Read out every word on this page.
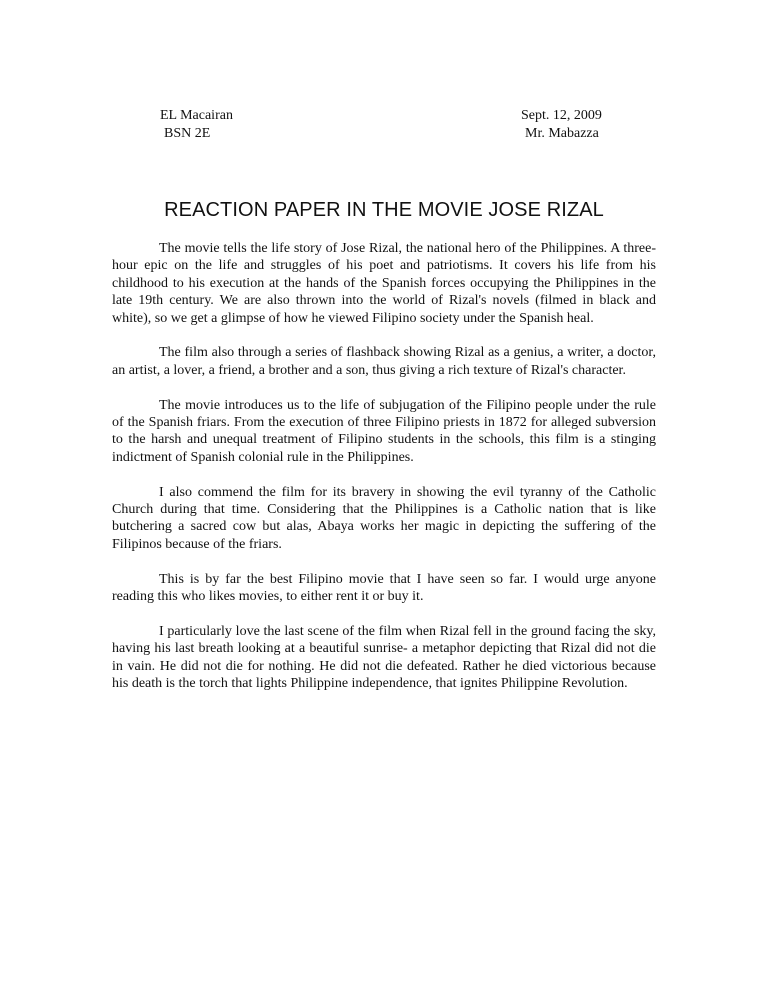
EL Macairan
BSN 2E
Sept. 12, 2009
Mr. Mabazza
REACTION PAPER IN THE MOVIE JOSE RIZAL

The movie tells the life story of Jose Rizal, the national hero of the Philippines. A three-hour epic on the life and struggles of his poet and patriotisms. It covers his life from his childhood to his execution at the hands of the Spanish forces occupying the Philippines in the late 19th century. We are also thrown into the world of Rizal's novels (filmed in black and white), so we get a glimpse of how he viewed Filipino society under the Spanish heal.

The film also through a series of flashback showing Rizal as a genius, a writer, a doctor, an artist, a lover, a friend, a brother and a son, thus giving a rich texture of Rizal's character.

The movie introduces us to the life of subjugation of the Filipino people under the rule of the Spanish friars. From the execution of three Filipino priests in 1872 for alleged subversion to the harsh and unequal treatment of Filipino students in the schools, this film is a stinging indictment of Spanish colonial rule in the Philippines.

I also commend the film for its bravery in showing the evil tyranny of the Catholic Church during that time. Considering that the Philippines is a Catholic nation that is like butchering a sacred cow but alas, Abaya works her magic in depicting the suffering of the Filipinos because of the friars.

This is by far the best Filipino movie that I have seen so far. I would urge anyone reading this who likes movies, to either rent it or buy it.

I particularly love the last scene of the film when Rizal fell in the ground facing the sky, having his last breath looking at a beautiful sunrise- a metaphor depicting that Rizal did not die in vain. He did not die for nothing. He did not die defeated. Rather he died victorious because his death is the torch that lights Philippine independence, that ignites Philippine Revolution.
